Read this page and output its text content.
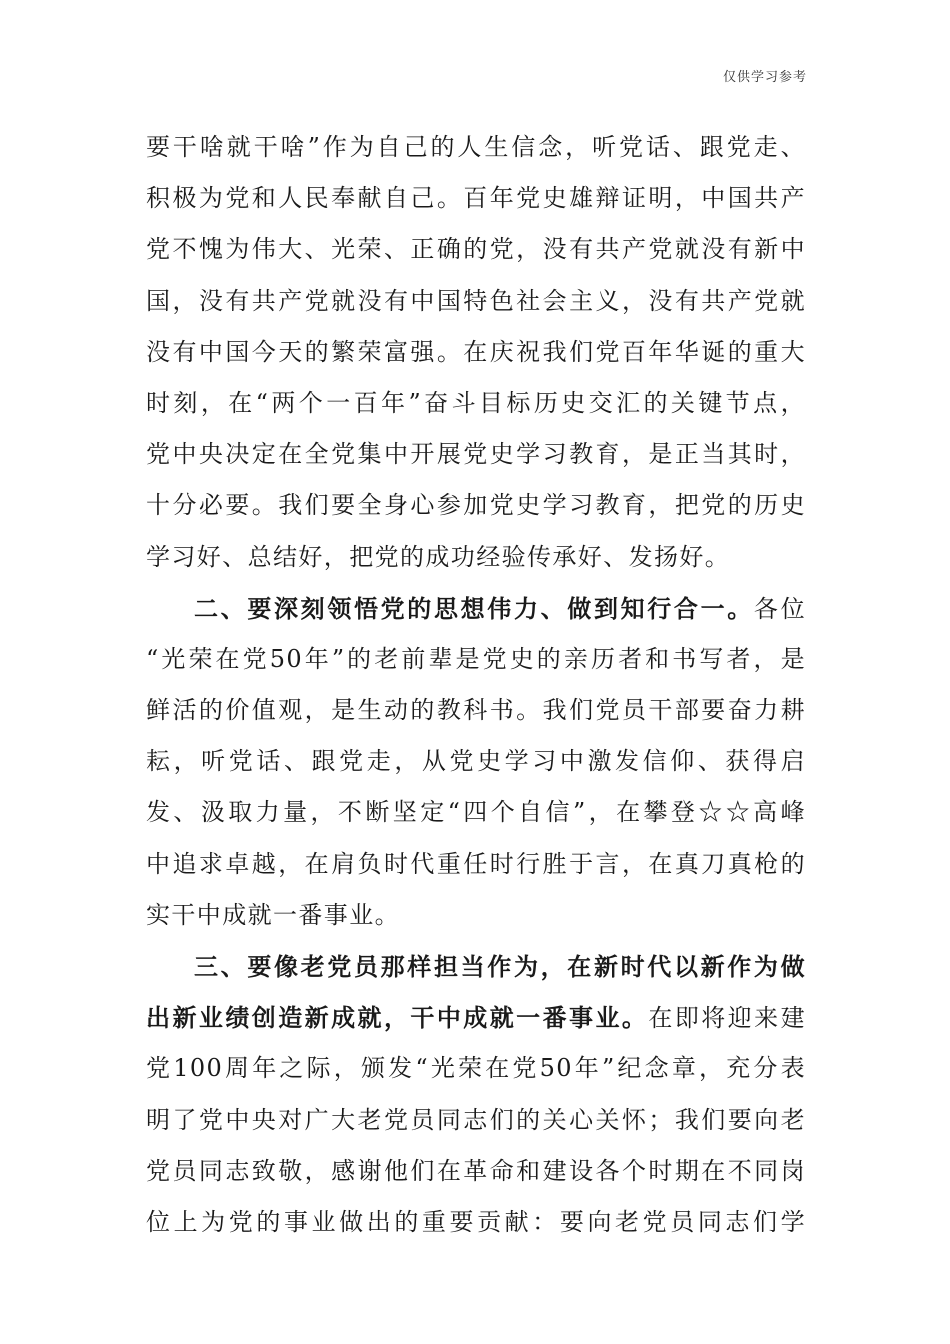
仅供学习参考
要干啥就干啥”作为自己的人生信念，听党话、跟党走、
积极为党和人民奉献自己。百年党史雄辩证明，中国共产
党不愧为伟大、光荣、正确的党，没有共产党就没有新中
国，没有共产党就没有中国特色社会主义，没有共产党就
没有中国今天的繁荣富强。在庆祝我们党百年华诞的重大
时刻，在“两个一百年”奋斗目标历史交汇的关键节点，
党中央决定在全党集中开展党史学习教育，是正当其时，
十分必要。我们要全身心参加党史学习教育，把党的历史
学习好、总结好，把党的成功经验传承好、发扬好。
二、要深刻领悟党的思想伟力、做到知行合一。各位
“光荣在党50年”的老前辈是党史的亲历者和书写者，是
鲜活的价值观，是生动的教科书。我们党员干部要奋力耕
耘，听党话、跟党走，从党史学习中激发信仰、获得启
发、汲取力量，不断坚定“四个自信”，在攀登☆☆高峰
中追求卓越，在肩负时代重任时行胜于言，在真刀真枪的
实干中成就一番事业。
三、要像老党员那样担当作为，在新时代以新作为做
出新业绩创造新成就，干中成就一番事业。在即将迎来建
党100周年之际，颁发“光荣在党50年”纪念章，充分表
明了党中央对广大老党员同志们的关心关怀；我们要向老
党员同志致敬，感谢他们在革命和建设各个时期在不同岗
位上为党的事业做出的重要贡献：要向老党员同志们学
